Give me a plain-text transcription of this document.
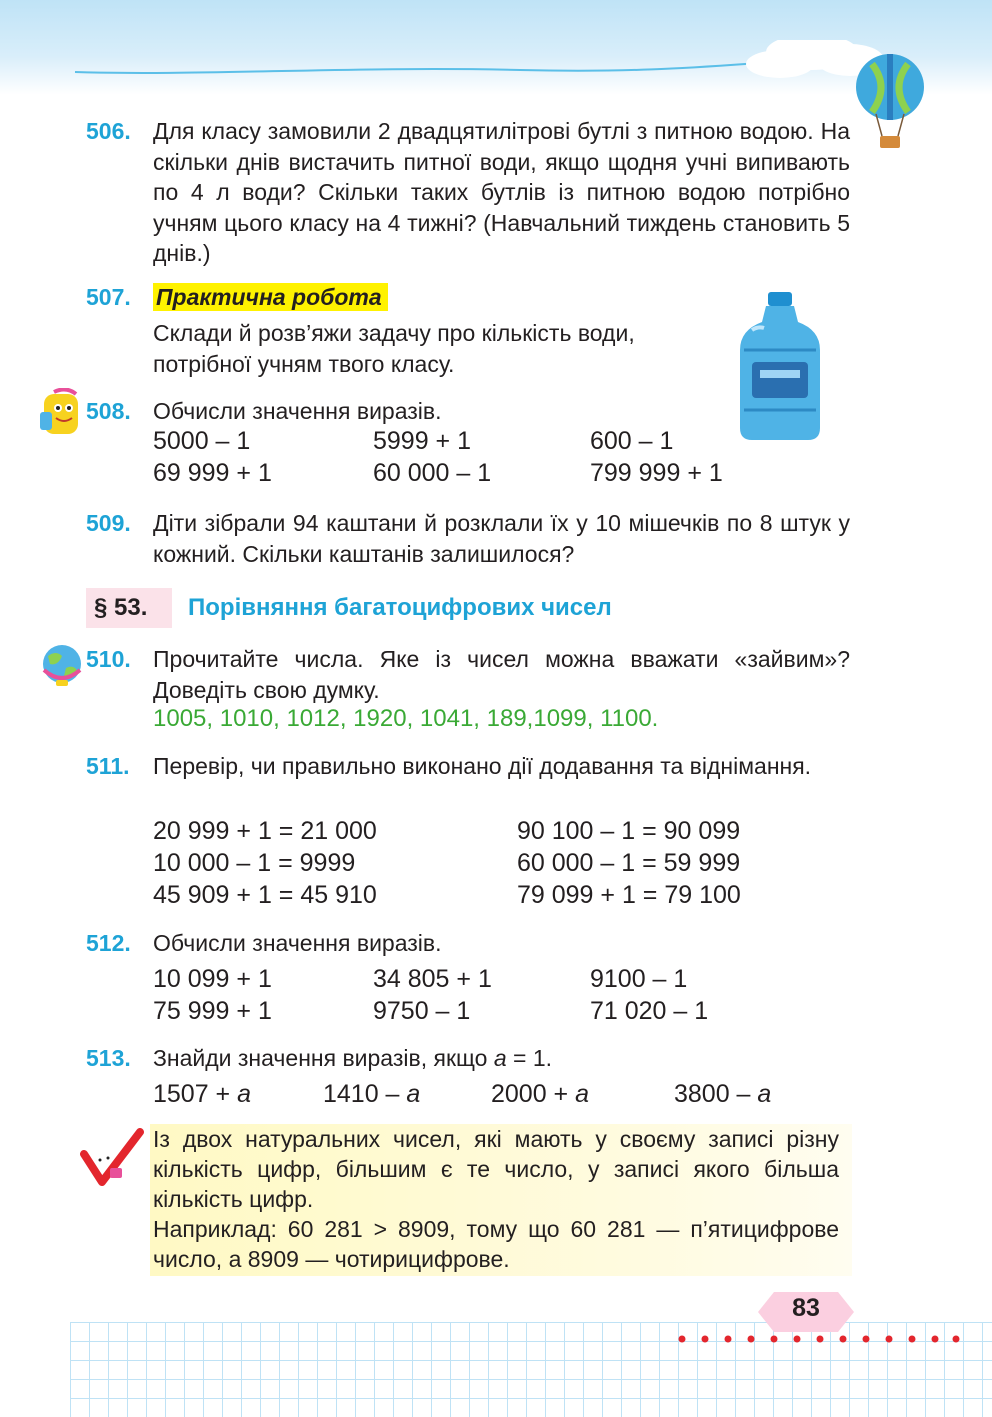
506. Для класу замовили 2 двадцятилітрові бутлі з питною водою. На скільки днів вистачить питної води, якщо щодня учні випивають по 4 л води? Скільки таких бутлів із питною водою потрібно учням цього класу на 4 тижні? (Навчальний тиждень становить 5 днів.)
507. Практична робота
Склади й розв’яжи задачу про кількість води, потрібної учням твого класу.
508. Обчисли значення виразів.
5000 – 1	5999 + 1	600 – 1
69 999 + 1	60 000 – 1	799 999 + 1
509. Діти зібрали 94 каштани й розклали їх у 10 мішечків по 8 штук у кожний. Скільки каштанів залишилося?
§ 53. Порівняння багатоцифрових чисел
510. Прочитайте числа. Яке із чисел можна вважати «зайвим»? Доведіть свою думку.
1005, 1010, 1012, 1920, 1041, 189,1099, 1100.
511. Перевір, чи правильно виконано дії додавання та віднімання.
20 999 + 1 = 21 000	90 100 – 1 = 90 099
10 000 – 1 = 9999	60 000 – 1 = 59 999
45 909 + 1 = 45 910	79 099 + 1 = 79 100
512. Обчисли значення виразів.
10 099 + 1	34 805 + 1	9100 – 1
75 999 + 1	9750 – 1	71 020 – 1
513. Знайди значення виразів, якщо a = 1.
1507 + a	1410 – a	2000 + a	3800 – a
Із двох натуральних чисел, які мають у своєму записі різну кількість цифр, більшим є те число, у записі якого більша кількість цифр.
Наприклад: 60 281 > 8909, тому що 60 281 — п’ятицифрове число, а 8909 — чотирицифрове.
83
